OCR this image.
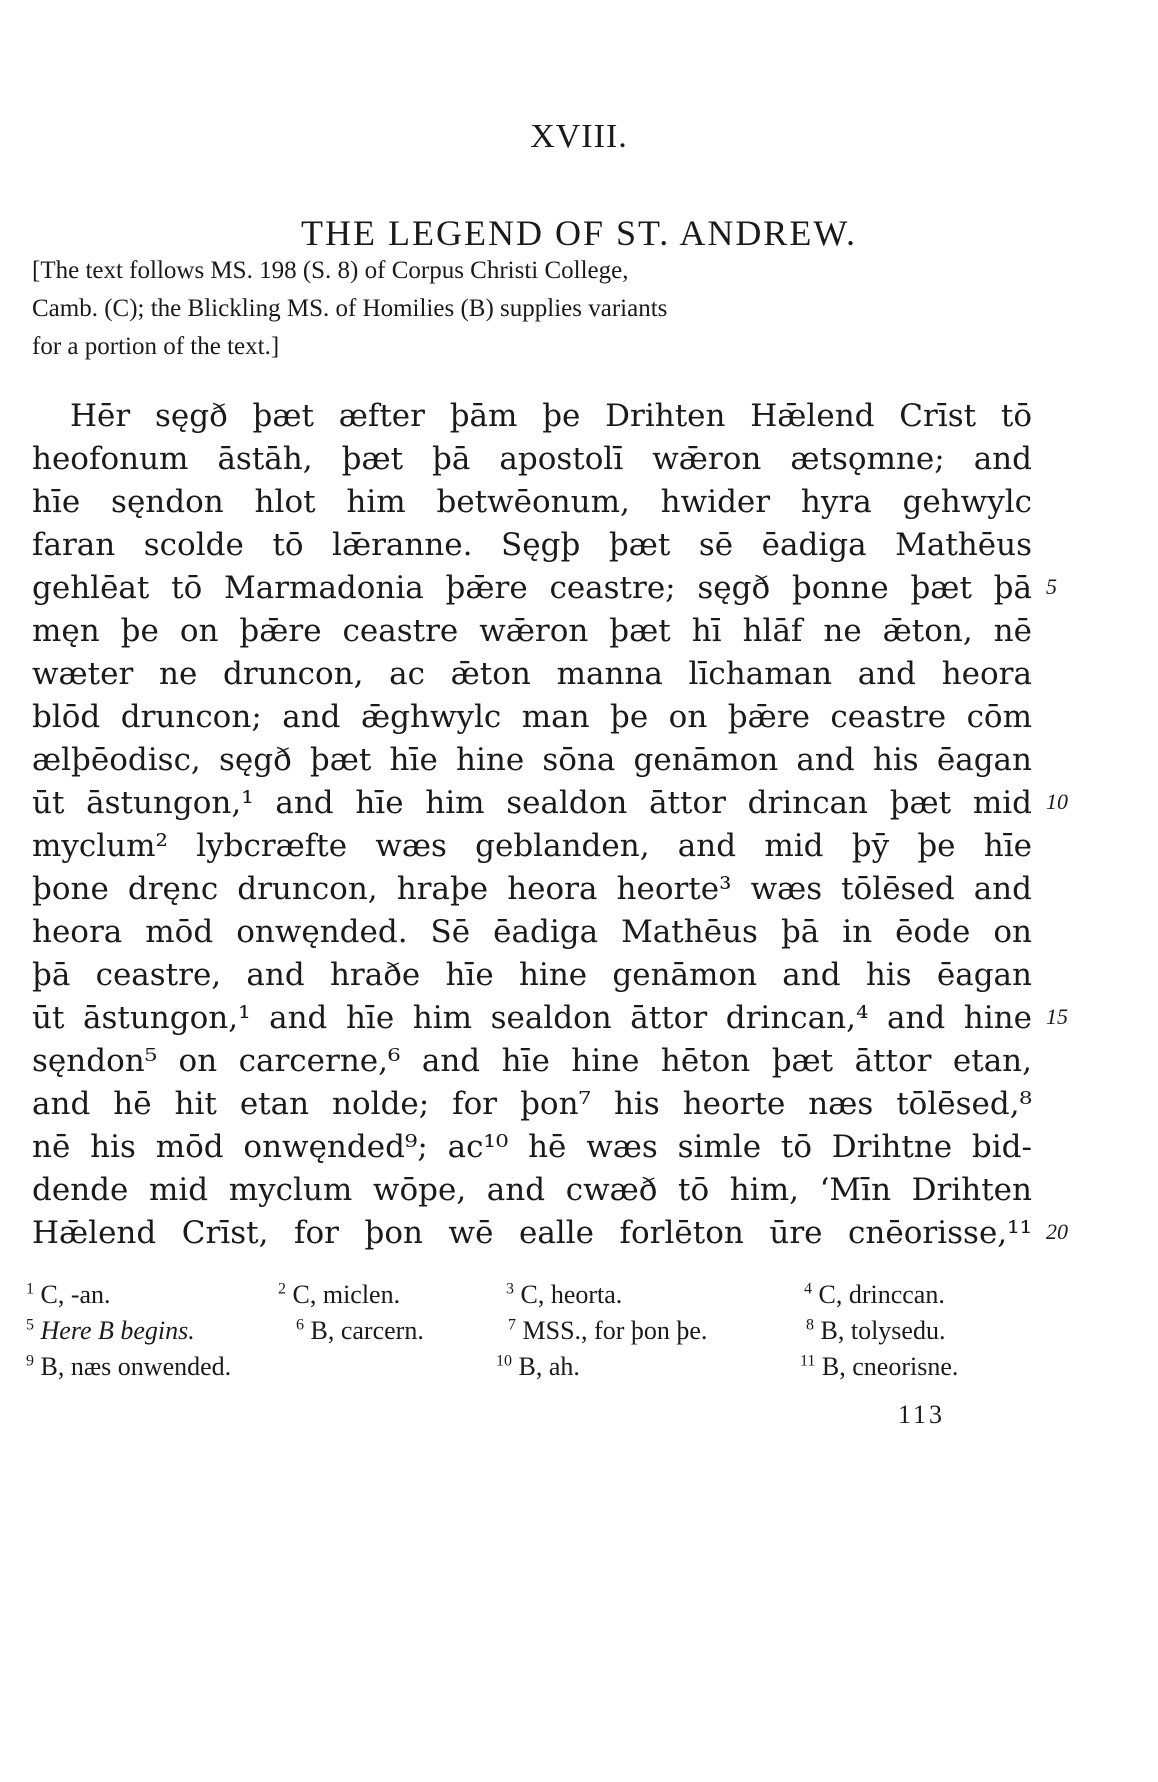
XVIII.
THE LEGEND OF ST. ANDREW.
[The text follows MS. 198 (S. 8) of Corpus Christi College,
Camb. (C); the Blickling MS. of Homilies (B) supplies variants
for a portion of the text.]
Hēr sęgð þæt æfter þām þe Drihten Hǣlend Crīst tō
heofonum āstāh, þæt þā apostolī wǣron ætsǫmne; and
hīe sęndon hlot him betwēonum, hwider hyra gehwylc
faran scolde tō lǣranne. Sęgþ þæt sē ēadiga Mathēus
gehlēat tō Marmadonia þǣre ceastre; sęgð þonne þæt þā
męn þe on þǣre ceastre wǣron þæt hī hlāf ne ǣton, nē
wæter ne druncon, ac ǣton manna līchaman and heora
blōd druncon; and ǣghwylc man þe on þǣre ceastre cōm
ælþēodisc, sęgð þæt hīe hine sōna genāmon and his ēagan
ūt āstungon,¹ and hīe him sealdon āttor drincan þæt mid
myclum² lybcræfte wæs geblanden, and mid þȳ þe hīe
þone dręnc druncon, hraþe heora heorte³ wæs tōlēsed and
heora mōd onwęnded. Sē ēadiga Mathēus þā in ēode on
þā ceastre, and hraðe hīe hine genāmon and his ēagan
ūt āstungon,¹ and hīe him sealdon āttor drincan,⁴ and hine
sęndon⁵ on carcerne,⁶ and hīe hine hēton þæt āttor etan,
and hē hit etan nolde; for þon⁷ his heorte næs tōlēsed,⁸
nē his mōd onwęnded⁹; ac¹⁰ hē wæs simle tō Drihtne bid-
dende mid myclum wōpe, and cwæð tō him, ‘Mīn Drihten
Hǣlend Crīst, for þon wē ealle forlēton ūre cnēorisse,¹¹
5
10
15
20
$^1$ C, -an.	$^2$ C, miclen.	$^3$ C, heorta.	$^4$ C, drinccan.
$^5$ Here B begins.	$^6$ B, carcern.	$^7$ MSS., for þon þe.	$^8$ B, tolysedu.
$^9$ B, næs onwended.	$^{10}$ B, ah.	$^{11}$ B, cneorisne.
113
